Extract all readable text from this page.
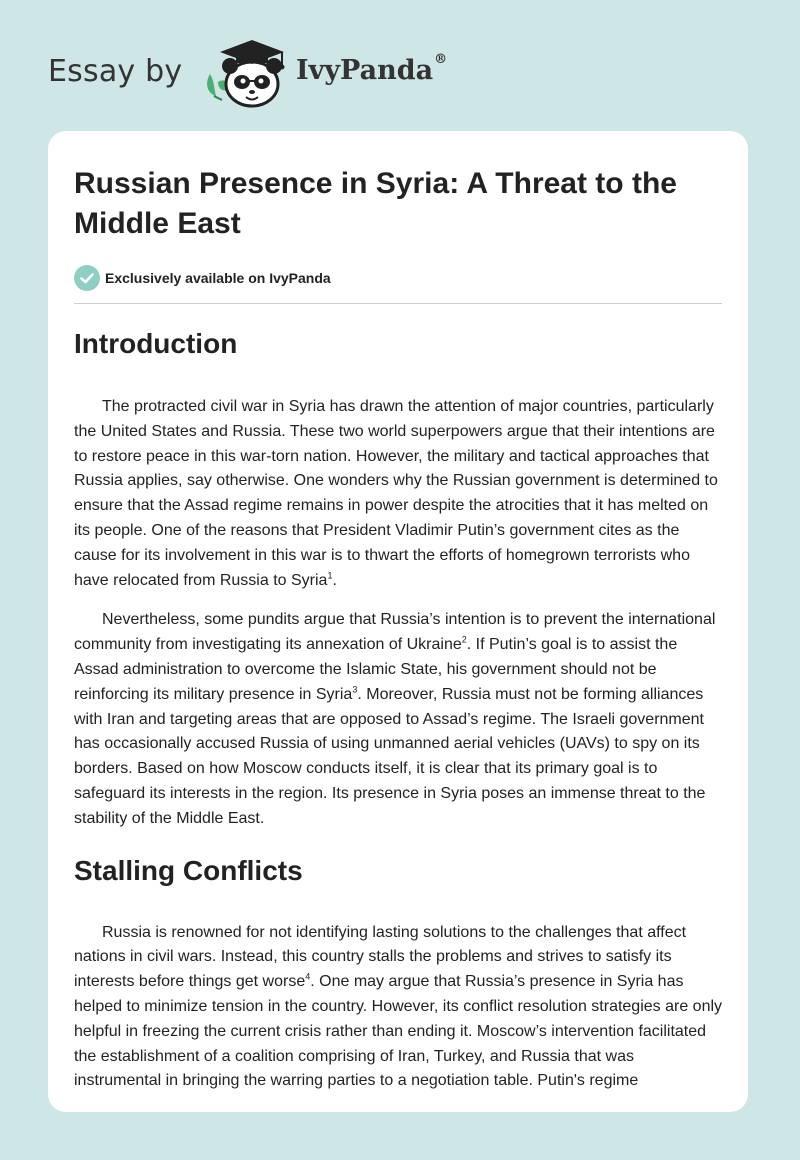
Essay by	IvyPanda®
Russian Presence in Syria: A Threat to the Middle East
Exclusively available on IvyPanda
Introduction

The protracted civil war in Syria has drawn the attention of major countries, particularly the United States and Russia. These two world superpowers argue that their intentions are to restore peace in this war-torn nation. However, the military and tactical approaches that Russia applies, say otherwise. One wonders why the Russian government is determined to ensure that the Assad regime remains in power despite the atrocities that it has melted on its people. One of the reasons that President Vladimir Putin’s government cites as the cause for its involvement in this war is to thwart the efforts of homegrown terrorists who have relocated from Russia to Syria$^1$.

Nevertheless, some pundits argue that Russia’s intention is to prevent the international community from investigating its annexation of Ukraine$^2$. If Putin’s goal is to assist the Assad administration to overcome the Islamic State, his government should not be reinforcing its military presence in Syria$^3$. Moreover, Russia must not be forming alliances with Iran and targeting areas that are opposed to Assad’s regime. The Israeli government has occasionally accused Russia of using unmanned aerial vehicles (UAVs) to spy on its borders. Based on how Moscow conducts itself, it is clear that its primary goal is to safeguard its interests in the region. Its presence in Syria poses an immense threat to the stability of the Middle East.

Stalling Conflicts

Russia is renowned for not identifying lasting solutions to the challenges that affect nations in civil wars. Instead, this country stalls the problems and strives to satisfy its interests before things get worse$^4$. One may argue that Russia’s presence in Syria has helped to minimize tension in the country. However, its conflict resolution strategies are only helpful in freezing the current crisis rather than ending it. Moscow’s intervention facilitated the establishment of a coalition comprising of Iran, Turkey, and Russia that was instrumental in bringing the warring parties to a negotiation table. Putin's regime
